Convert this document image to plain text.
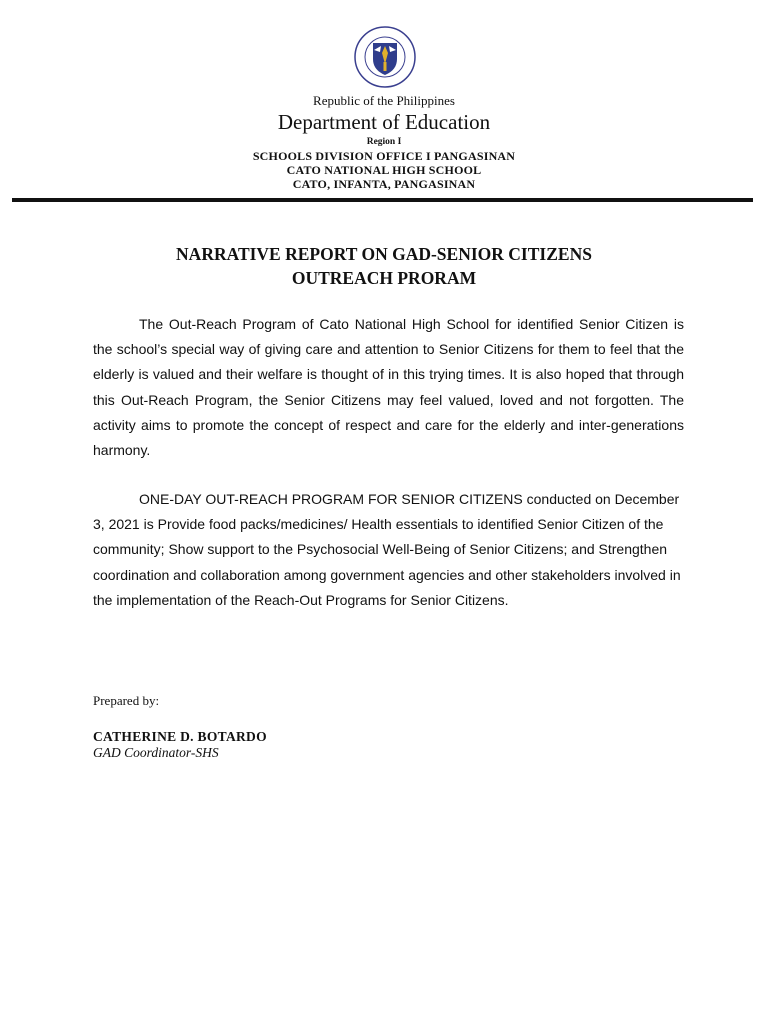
Republic of the Philippines
Department of Education
Region I
SCHOOLS DIVISION OFFICE I PANGASINAN
CATO NATIONAL HIGH SCHOOL
CATO, INFANTA, PANGASINAN
NARRATIVE REPORT ON GAD-SENIOR CITIZENS
OUTREACH PRORAM

The Out-Reach Program of Cato National High School for identified Senior Citizen is the school’s special way of giving care and attention to Senior Citizens for them to feel that the elderly is valued and their welfare is thought of in this trying times. It is also hoped that through this Out-Reach Program, the Senior Citizens may feel valued, loved and not forgotten. The activity aims to promote the concept of respect and care for the elderly and inter-generations harmony.

ONE-DAY OUT-REACH PROGRAM FOR SENIOR CITIZENS conducted on December 3, 2021 is Provide food packs/medicines/ Health essentials to identified Senior Citizen of the community; Show support to the Psychosocial Well-Being of Senior Citizens; and Strengthen coordination and collaboration among government agencies and other stakeholders involved in the implementation of the Reach-Out Programs for Senior Citizens.

Prepared by:
CATHERINE D. BOTARDO
GAD Coordinator-SHS
